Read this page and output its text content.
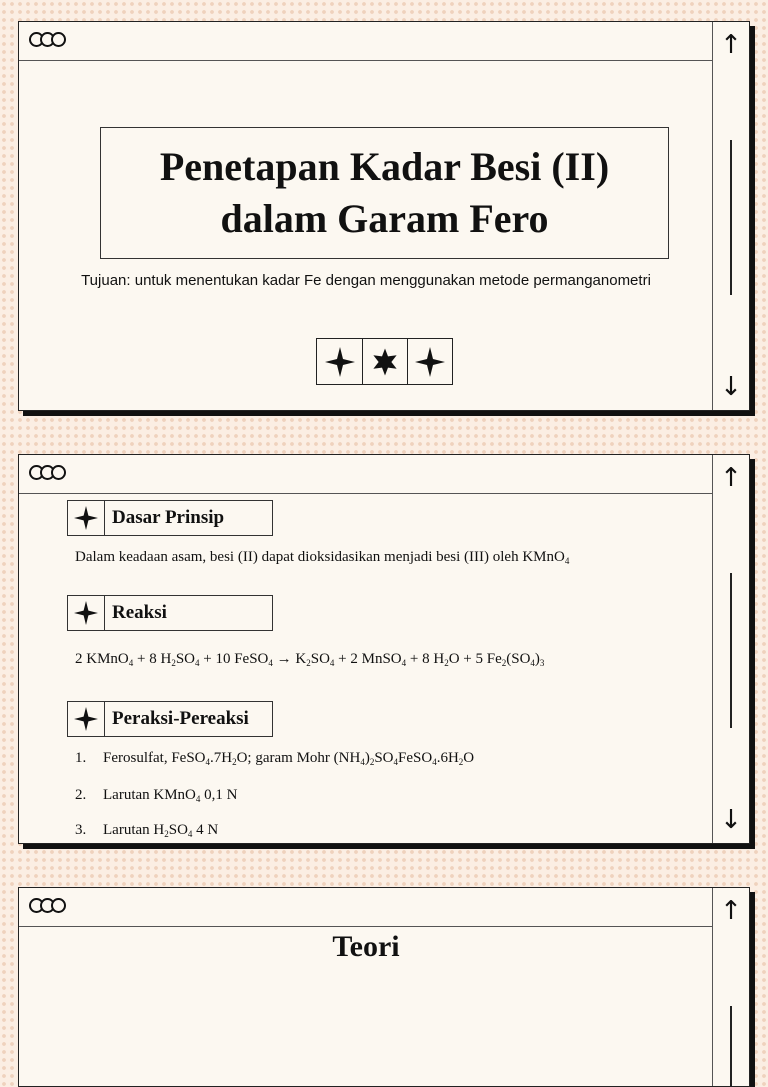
↑
↓
Penetapan Kadar Besi (II)
dalam Garam Fero
Tujuan: untuk menentukan kadar Fe dengan menggunakan metode permanganometri
↑
↓
Dasar Prinsip
Dalam keadaan asam, besi (II) dapat dioksidasikan menjadi besi (III) oleh KMnO$_4$
Reaksi
2 KMnO$_4$ + 8 $H_2SO_4 + 10$ FeSO$_4$ → $K_2SO_4 + 2$ MnSO$_4$ + 8 $H_2O + 5$ $Fe_2(SO_4)_3$
Peraksi-Pereaksi
1. Ferosulfat, $FeSO_4.7H_2O$; garam Mohr $(NH_4)_2SO_4FeSO_4.6H_2O$
2. Larutan KMnO$_4$ 0,1 N
3. Larutan $H_2SO_4$ 4 N
↑
Teori
